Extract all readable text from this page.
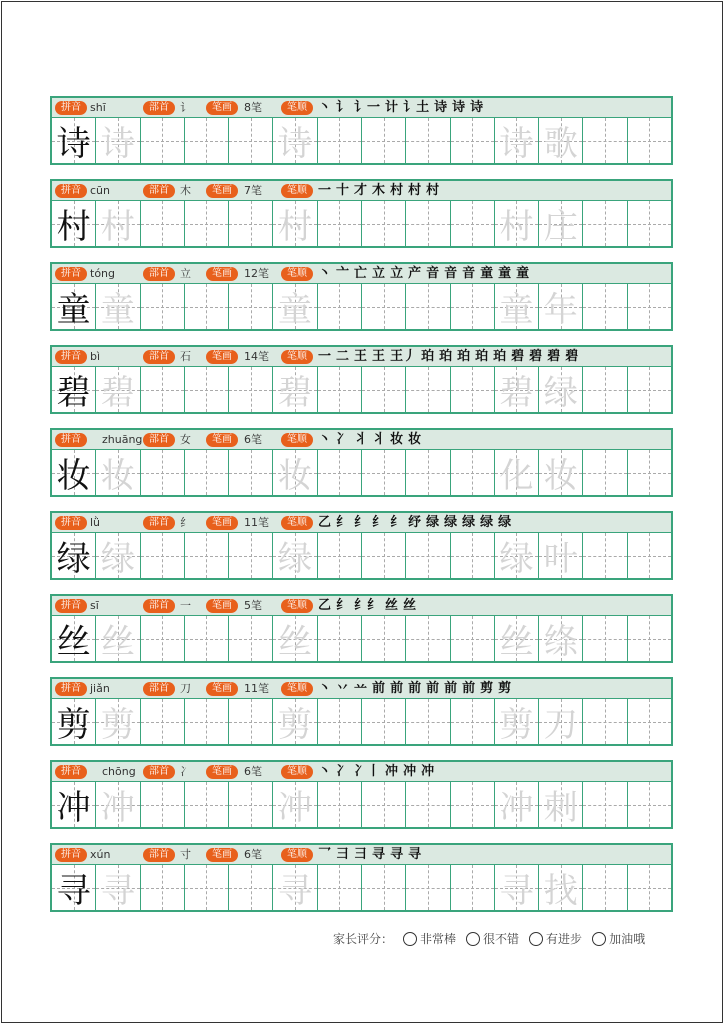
拼音 shī	部首	讠	笔画	8笔	笔顺 丶 讠 讠一 计 讠土 诗 诗 诗
诗 诗	诗	诗 歌
拼音 cūn	部首	木	笔画	7笔	笔顺 一 十 才 木 村 村 村
村 村	村	村 庄
拼音 tóng	部首	立	笔画	12笔	笔顺 丶 亠 亡 立 立 产 音 音 音 童 童 童
童 童	童	童 年
拼音 bì	部首	石	笔画	14笔	笔顺 一 二 王 王 王丿 珀 珀 珀 珀 珀 碧 碧 碧 碧
碧 碧	碧	碧 绿
拼音	zhuāng 部首	女	笔画	6笔	笔顺 丶 冫 丬 丬 妆 妆
妆 妆	妆	化 妆
拼音 lǜ	部首	纟	笔画	11笔	笔顺 乙 纟 纟 纟 纟 纾 绿 绿 绿 绿 绿
绿 绿	绿	绿 叶
拼音 sī	部首	一	笔画	5笔	笔顺 乙 纟 纟纟 丝 丝
丝 丝	丝	丝 绦
拼音 jiǎn	部首	刀	笔画	11笔	笔顺 丶 丷 䒑 前 前 前 前 前 前 剪 剪
剪 剪	剪	剪 刀
拼音	chōng	部首	冫	笔画	6笔	笔顺 丶 冫 冫丨 冲 冲 冲
冲 冲	冲	冲 刺
拼音 xún	部首	寸	笔画	6笔	笔顺 乛 彐 彐 寻 寻 寻
寻 寻	寻	寻 找
家长评分： 非常棒 很不错 有进步 加油哦
